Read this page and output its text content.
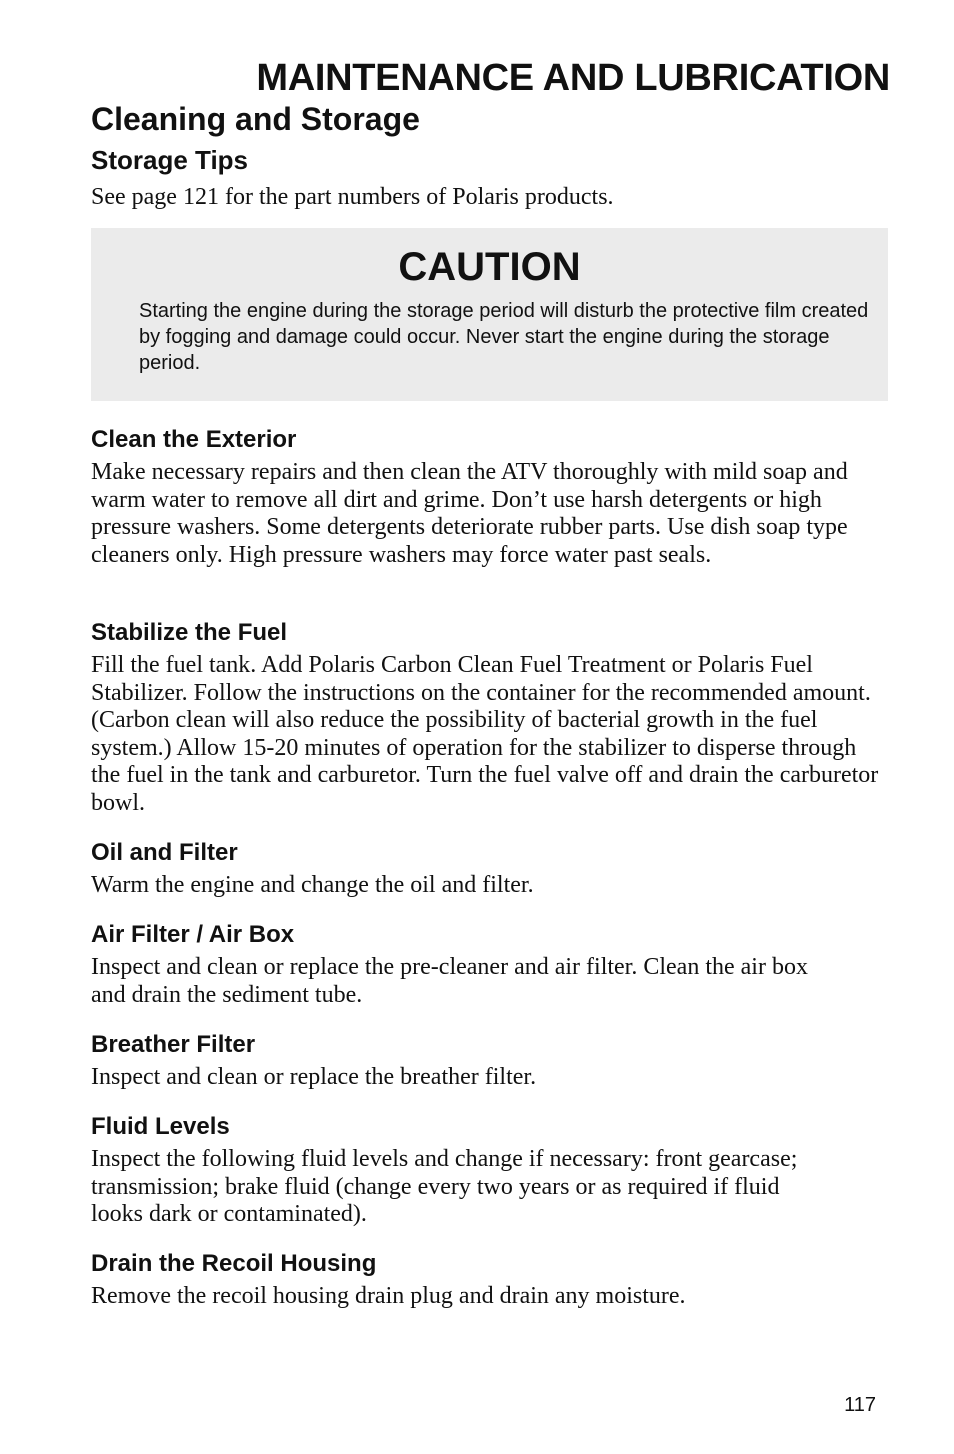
MAINTENANCE AND LUBRICATION
Cleaning and Storage
Storage Tips
See page 121 for the part numbers of Polaris products.
CAUTION

Starting the engine during the storage period will disturb the protective film created by fogging and damage could occur. Never start the engine during the storage period.

Clean the Exterior

Make necessary repairs and then clean the ATV thoroughly with mild soap and warm water to remove all dirt and grime. Don’t use harsh detergents or high pressure washers. Some detergents deteriorate rubber parts. Use dish soap type cleaners only. High pressure washers may force water past seals.

Stabilize the Fuel

Fill the fuel tank. Add Polaris Carbon Clean Fuel Treatment or Polaris Fuel Stabilizer. Follow the instructions on the container for the recommended amount. (Carbon clean will also reduce the possibility of bacterial growth in the fuel system.) Allow 15-20 minutes of operation for the stabilizer to disperse through the fuel in the tank and carburetor. Turn the fuel valve off and drain the carburetor bowl.

Oil and Filter

Warm the engine and change the oil and filter.

Air Filter / Air Box

Inspect and clean or replace the pre-cleaner and air filter. Clean the air box and drain the sediment tube.

Breather Filter

Inspect and clean or replace the breather filter.

Fluid Levels

Inspect the following fluid levels and change if necessary: front gearcase; transmission; brake fluid (change every two years or as required if fluid looks dark or contaminated).

Drain the Recoil Housing

Remove the recoil housing drain plug and drain any moisture.

117
